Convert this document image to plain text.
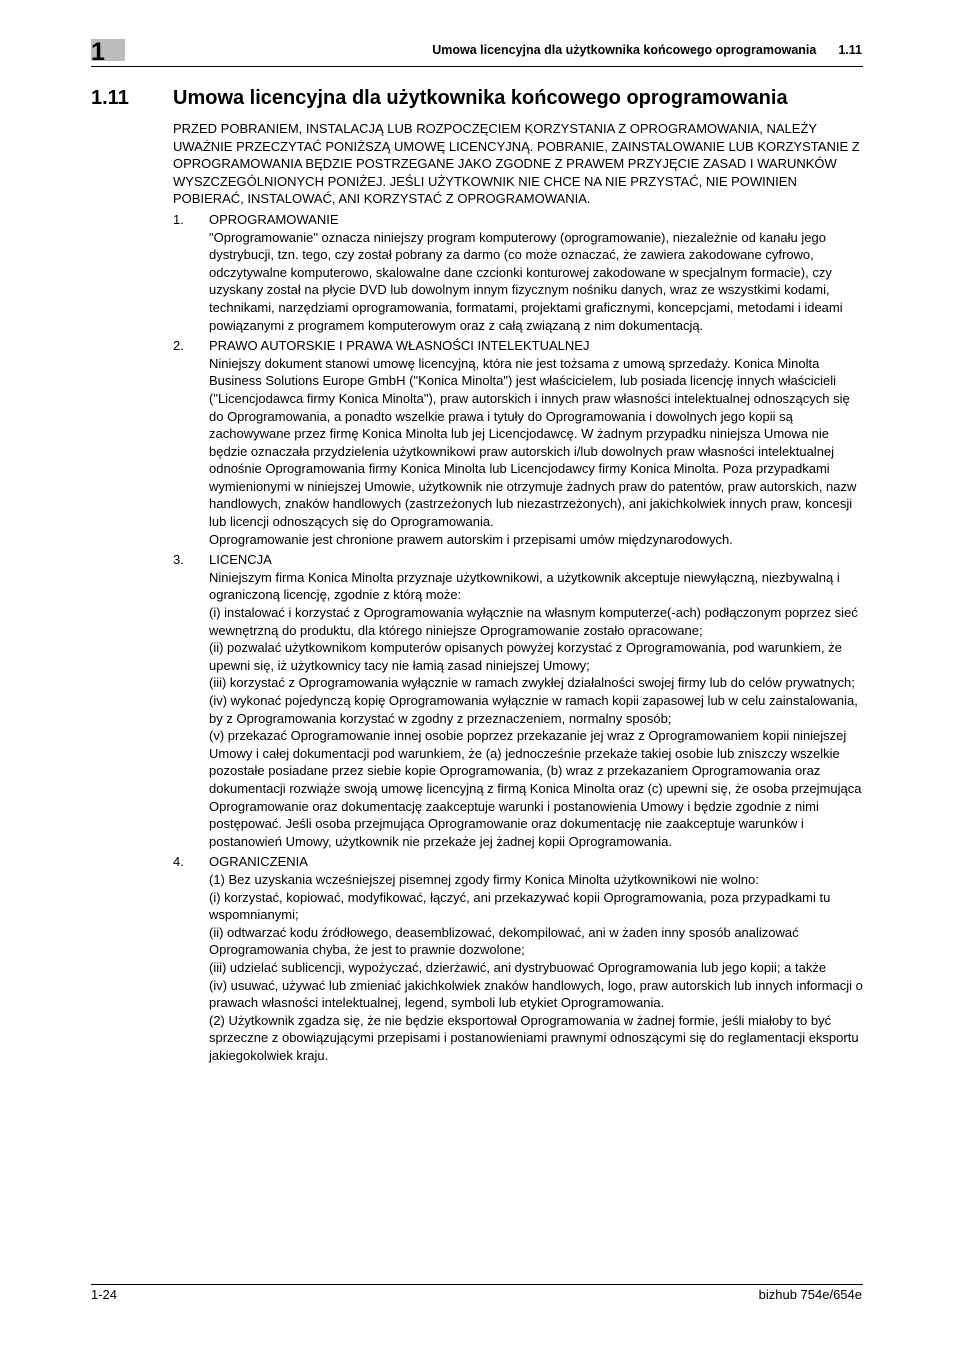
1	Umowa licencyjna dla użytkownika końcowego oprogramowania 1.11
1.11 Umowa licencyjna dla użytkownika końcowego oprogramowania

PRZED POBRANIEM, INSTALACJĄ LUB ROZPOCZĘCIEM KORZYSTANIA Z OPROGRAMOWANIA, NALEŻY UWAŻNIE PRZECZYTAĆ PONIŻSZĄ UMOWĘ LICENCYJNĄ. POBRANIE, ZAINSTALOWANIE LUB KORZYSTANIE Z OPROGRAMOWANIA BĘDZIE POSTRZEGANE JAKO ZGODNE Z PRAWEM PRZYJĘCIE ZASAD I WARUNKÓW WYSZCZEGÓLNIONYCH PONIŻEJ. JEŚLI UŻYTKOWNIK NIE CHCE NA NIE PRZYSTAĆ, NIE POWINIEN POBIERAĆ, INSTALOWAĆ, ANI KORZYSTAĆ Z OPROGRAMOWANIA.

1. OPROGRAMOWANIE
"Oprogramowanie" oznacza niniejszy program komputerowy (oprogramowanie), niezależnie od kanału jego dystrybucji, tzn. tego, czy został pobrany za darmo (co może oznaczać, że zawiera zakodowane cyfrowo, odczytywalne komputerowo, skalowalne dane czcionki konturowej zakodowane w specjalnym formacie), czy uzyskany został na płycie DVD lub dowolnym innym fizycznym nośniku danych, wraz ze wszystkimi kodami, technikami, narzędziami oprogramowania, formatami, projektami graficznymi, koncepcjami, metodami i ideami powiązanymi z programem komputerowym oraz z całą związaną z nim dokumentacją.
2. PRAWO AUTORSKIE I PRAWA WŁASNOŚCI INTELEKTUALNEJ
Niniejszy dokument stanowi umowę licencyjną, która nie jest tożsama z umową sprzedaży. Konica Minolta Business Solutions Europe GmbH ("Konica Minolta") jest właścicielem, lub posiada licencję innych właścicieli ("Licencjodawca firmy Konica Minolta"), praw autorskich i innych praw własności intelektualnej odnoszących się do Oprogramowania, a ponadto wszelkie prawa i tytuły do Oprogramowania i dowolnych jego kopii są zachowywane przez firmę Konica Minolta lub jej Licencjodawcę. W żadnym przypadku niniejsza Umowa nie będzie oznaczała przydzielenia użytkownikowi praw autorskich i/lub dowolnych praw własności intelektualnej odnośnie Oprogramowania firmy Konica Minolta lub Licencjodawcy firmy Konica Minolta. Poza przypadkami wymienionymi w niniejszej Umowie, użytkownik nie otrzymuje żadnych praw do patentów, praw autorskich, nazw handlowych, znaków handlowych (zastrzeżonych lub niezastrzeżonych), ani jakichkolwiek innych praw, koncesji lub licencji odnoszących się do Oprogramowania.
Oprogramowanie jest chronione prawem autorskim i przepisami umów międzynarodowych.
3. LICENCJA
Niniejszym firma Konica Minolta przyznaje użytkownikowi, a użytkownik akceptuje niewyłączną, niezbywalną i ograniczoną licencję, zgodnie z którą może:
(i) instalować i korzystać z Oprogramowania wyłącznie na własnym komputerze(-ach) podłączonym poprzez sieć wewnętrzną do produktu, dla którego niniejsze Oprogramowanie zostało opracowane;
(ii) pozwalać użytkownikom komputerów opisanych powyżej korzystać z Oprogramowania, pod warunkiem, że upewni się, iż użytkownicy tacy nie łamią zasad niniejszej Umowy;
(iii) korzystać z Oprogramowania wyłącznie w ramach zwykłej działalności swojej firmy lub do celów prywatnych;
(iv) wykonać pojedynczą kopię Oprogramowania wyłącznie w ramach kopii zapasowej lub w celu zainstalowania, by z Oprogramowania korzystać w zgodny z przeznaczeniem, normalny sposób;
(v) przekazać Oprogramowanie innej osobie poprzez przekazanie jej wraz z Oprogramowaniem kopii niniejszej Umowy i całej dokumentacji pod warunkiem, że (a) jednocześnie przekaże takiej osobie lub zniszczy wszelkie pozostałe posiadane przez siebie kopie Oprogramowania, (b) wraz z przekazaniem Oprogramowania oraz dokumentacji rozwiąże swoją umowę licencyjną z firmą Konica Minolta oraz (c) upewni się, że osoba przejmująca Oprogramowanie oraz dokumentację zaakceptuje warunki i postanowienia Umowy i będzie zgodnie z nimi postępować. Jeśli osoba przejmująca Oprogramowanie oraz dokumentację nie zaakceptuje warunków i postanowień Umowy, użytkownik nie przekaże jej żadnej kopii Oprogramowania.
4. OGRANICZENIA
(1) Bez uzyskania wcześniejszej pisemnej zgody firmy Konica Minolta użytkownikowi nie wolno:
(i) korzystać, kopiować, modyfikować, łączyć, ani przekazywać kopii Oprogramowania, poza przypadkami tu wspomnianymi;
(ii) odtwarzać kodu źródłowego, deasemblizować, dekompilować, ani w żaden inny sposób analizować Oprogramowania chyba, że jest to prawnie dozwolone;
(iii) udzielać sublicencji, wypożyczać, dzierżawić, ani dystrybuować Oprogramowania lub jego kopii; a także
(iv) usuwać, używać lub zmieniać jakichkolwiek znaków handlowych, logo, praw autorskich lub innych informacji o prawach własności intelektualnej, legend, symboli lub etykiet Oprogramowania.
(2) Użytkownik zgadza się, że nie będzie eksportował Oprogramowania w żadnej formie, jeśli miałoby to być sprzeczne z obowiązującymi przepisami i postanowieniami prawnymi odnoszącymi się do reglamentacji eksportu jakiegokolwiek kraju.
1-24	bizhub 754e/654e
